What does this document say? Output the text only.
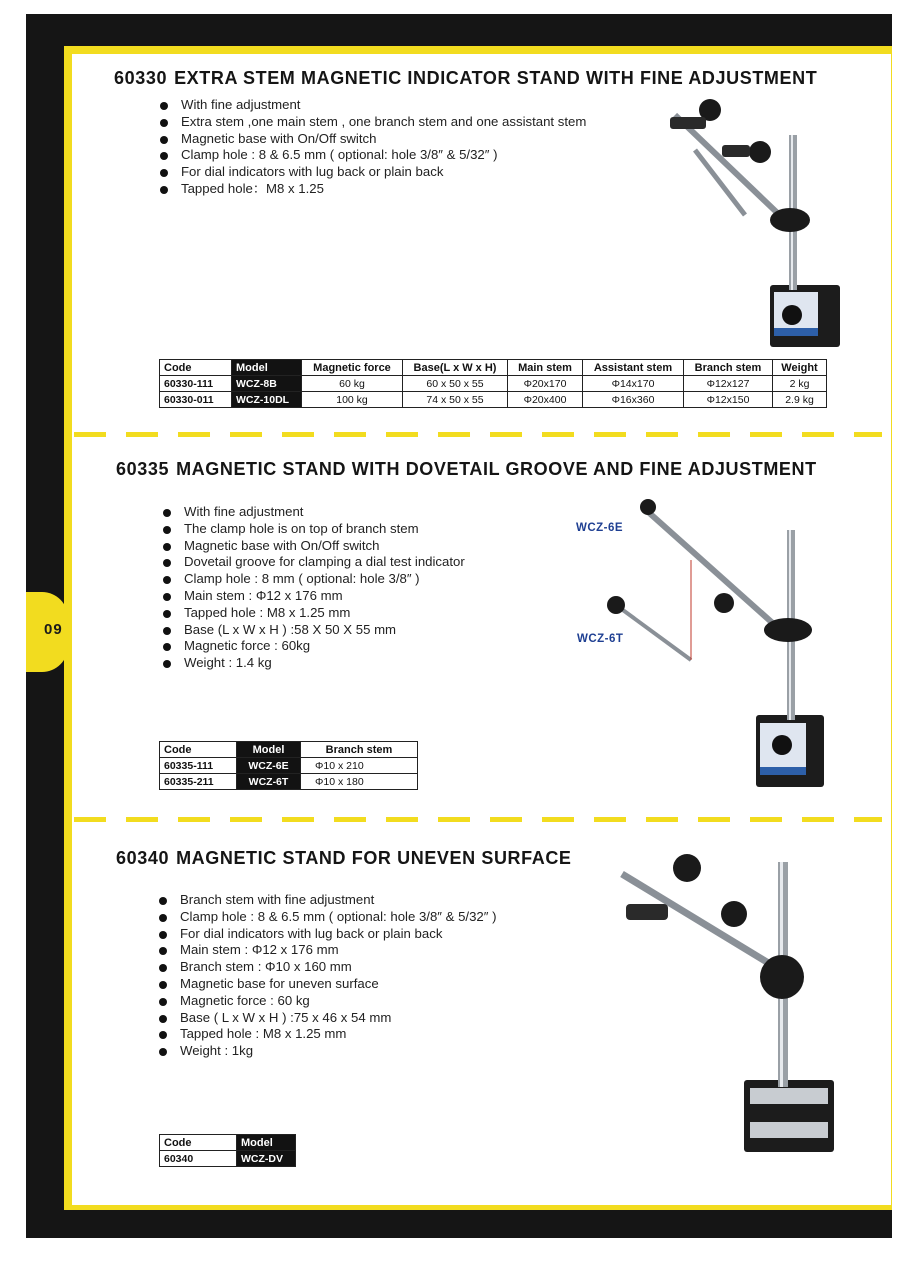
09
60330 EXTRA STEM MAGNETIC INDICATOR STAND WITH FINE ADJUSTMENT
With fine adjustment
Extra stem ,one main stem , one branch stem and one assistant stem
Magnetic base with On/Off switch
Clamp hole : 8 & 6.5 mm ( optional: hole 3/8″ & 5/32″ )
For dial indicators with lug back or plain back
Tapped hole：M8 x 1.25
Code	Model	Magnetic force	Base(L x W x H)	Main stem	Assistant stem	Branch stem	Weight
60330-111	WCZ-8B	60 kg	60 x 50 x 55	Φ20x170	Φ14x170	Φ12x127	2 kg
60330-011	WCZ-10DL	100 kg	74 x 50 x 55	Φ20x400	Φ16x360	Φ12x150	2.9 kg
60335 MAGNETIC STAND WITH DOVETAIL GROOVE AND FINE ADJUSTMENT
With fine adjustment
The clamp hole is on top of branch stem
Magnetic base with On/Off switch
Dovetail groove for clamping a dial test indicator
Clamp hole : 8 mm ( optional: hole 3/8″ )
Main stem : Φ12 x 176 mm
Tapped hole : M8 x 1.25 mm
Base (L x W x H ) :58 X 50 X 55 mm
Magnetic force : 60kg
Weight : 1.4 kg
WCZ-6E
WCZ-6T
Code	Model	Branch stem
60335-111	WCZ-6E	Φ10 x 210
60335-211	WCZ-6T	Φ10 x 180
60340 MAGNETIC STAND FOR UNEVEN SURFACE
Branch stem with fine adjustment
Clamp hole : 8 & 6.5 mm ( optional: hole 3/8″ & 5/32″ )
For dial indicators with lug back or plain back
Main stem : Φ12 x 176 mm
Branch stem : Φ10 x 160 mm
Magnetic base for uneven surface
Magnetic force : 60 kg
Base ( L x W x H ) :75 x 46 x 54 mm
Tapped hole : M8 x 1.25 mm
Weight : 1kg
Code	Model
60340	WCZ-DV
